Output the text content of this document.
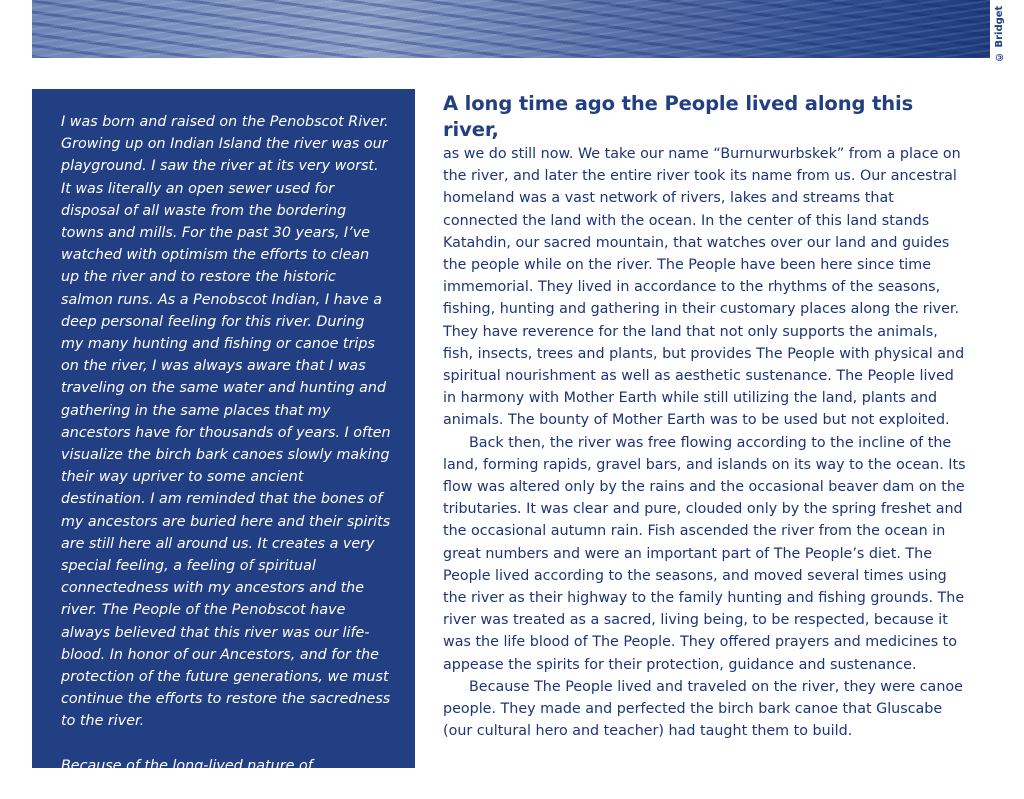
© Bridget

I was born and raised on the Penobscot River. Growing up on Indian Island the river was our playground. I saw the river at its very worst. It was literally an open sewer used for disposal of all waste from the bordering towns and mills. For the past 30 years, I’ve watched with optimism the efforts to clean up the river and to restore the historic salmon runs. As a Penobscot Indian, I have a deep personal feeling for this river. During my many hunting and fishing or canoe trips on the river, I was always aware that I was traveling on the same water and hunting and gathering in the same places that my ancestors have for thousands of years. I often visualize the birch bark canoes slowly making their way upriver to some ancient destination. I am reminded that the bones of my ancestors are buried here and their spirits are still here all around us. It creates a very special feeling, a feeling of spiritual connectedness with my ancestors and the river. The People of the Penobscot have always believed that this river was our life-blood. In honor of our Ancestors, and for the protection of the future generations, we must continue the efforts to restore the sacredness to the river.

Because of the long-lived nature of contaminants in the river, the loss of our

A long time ago the People lived along this river,

as we do still now. We take our name “Burnurwurbskek” from a place on the river, and later the entire river took its name from us. Our ancestral homeland was a vast network of rivers, lakes and streams that connected the land with the ocean. In the center of this land stands Katahdin, our sacred mountain, that watches over our land and guides the people while on the river. The People have been here since time immemorial. They lived in accordance to the rhythms of the seasons, fishing, hunting and gathering in their customary places along the river. They have reverence for the land that not only supports the animals, fish, insects, trees and plants, but provides The People with physical and spiritual nourishment as well as aesthetic sustenance. The People lived in harmony with Mother Earth while still utilizing the land, plants and animals. The bounty of Mother Earth was to be used but not exploited.

Back then, the river was free flowing according to the incline of the land, forming rapids, gravel bars, and islands on its way to the ocean. Its flow was altered only by the rains and the occasional beaver dam on the tributaries. It was clear and pure, clouded only by the spring freshet and the occasional autumn rain. Fish ascended the river from the ocean in great numbers and were an important part of The People’s diet. The People lived according to the seasons, and moved several times using the river as their highway to the family hunting and fishing grounds. The river was treated as a sacred, living being, to be respected, because it was the life blood of The People. They offered prayers and medicines to appease the spirits for their protection, guidance and sustenance.

Because The People lived and traveled on the river, they were canoe people. They made and perfected the birch bark canoe that Gluscabe (our cultural hero and teacher) had taught them to build.
